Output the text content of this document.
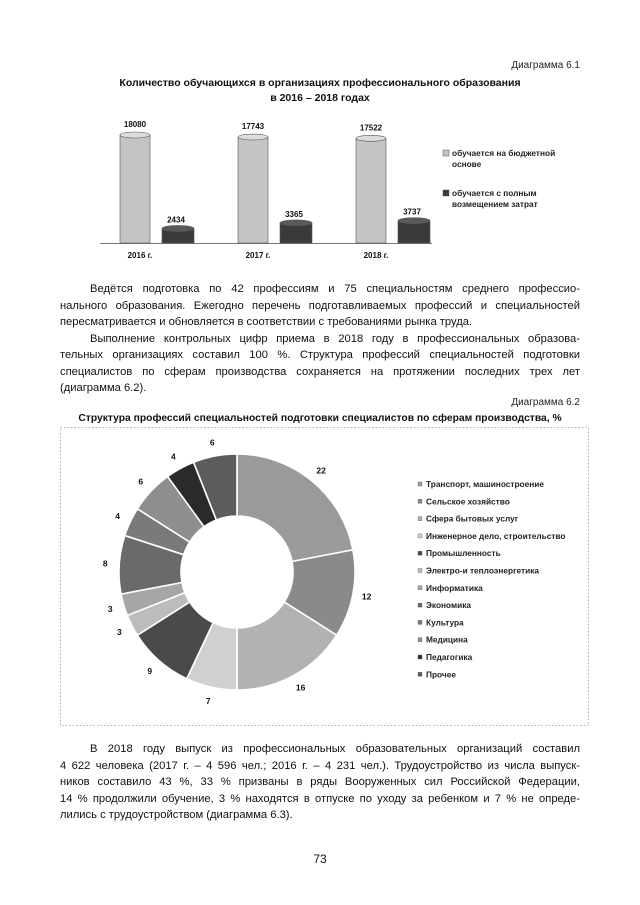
Диаграмма 6.1
Количество обучающихся в организациях профессионального образования
в 2016 – 2018 годах
18080
2434
2016 г.
17743
3365
2017 г.
17522
3737
2018 г.
обучается на бюджетной
основе
обучается с полным
возмещением затрат
Ведётся подготовка по 42 профессиям и 75 специальностям среднего профессио-
нального образования. Ежегодно перечень подготавливаемых профессий и специальностей
пересматривается и обновляется в соответствии с требованиями рынка труда.
Выполнение контрольных цифр приема в 2018 году в профессиональных образова-
тельных организациях составил 100 %. Структура профессий специальностей подготовки
специалистов по сферам производства сохраняется на протяжении последних трех лет
(диаграмма 6.2).
Диаграмма 6.2
Структура профессий специальностей подготовки специалистов по сферам производства, %
22
12
16
7
9
3
3
8
4
6
4
6
Транспорт, машиностроение
Сельское хозяйство
Сфера бытовых услуг
Инженерное дело, строительство
Промышленность
Электро-и теплоэнергетика
Информатика
Экономика
Культура
Медицина
Педагогика
Прочее
В 2018 году выпуск из профессиональных образовательных организаций составил
4 622 человека (2017 г. – 4 596 чел.; 2016 г. – 4 231 чел.). Трудоустройство из числа выпуск-
ников составило 43 %, 33 % призваны в ряды Вооруженных сил Российской Федерации,
14 % продолжили обучение, 3 % находятся в отпуске по уходу за ребенком и 7 % не опреде-
лились с трудоустройством (диаграмма 6.3).
73
